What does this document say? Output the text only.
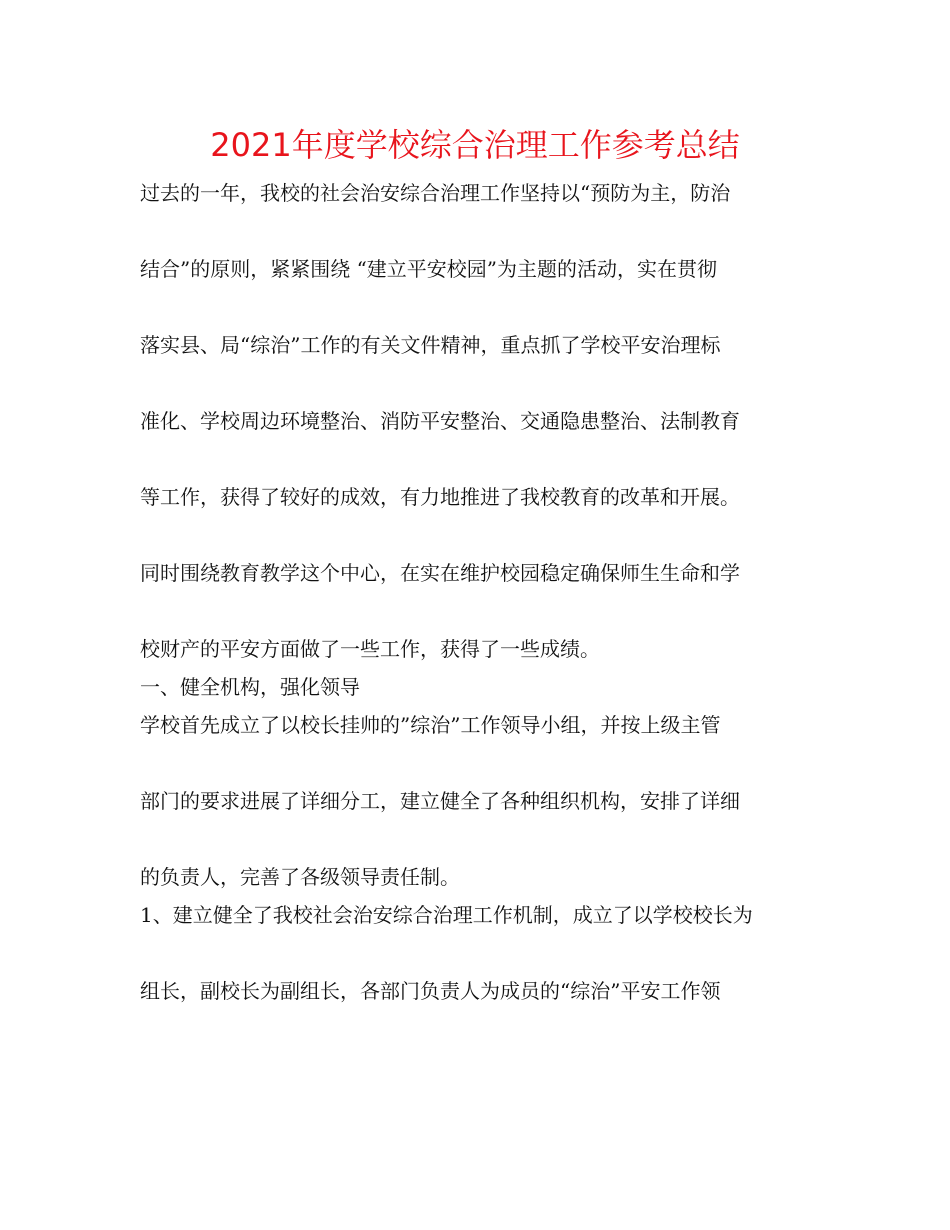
2021年度学校综合治理工作参考总结
过去的一年，我校的社会治安综合治理工作坚持以“预防为主，防治
结合”的原则，紧紧围绕 “建立平安校园”为主题的活动，实在贯彻
落实县、局“综治”工作的有关文件精神，重点抓了学校平安治理标
准化、学校周边环境整治、消防平安整治、交通隐患整治、法制教育
等工作，获得了较好的成效，有力地推进了我校教育的改革和开展。
同时围绕教育教学这个中心，在实在维护校园稳定确保师生生命和学
校财产的平安方面做了一些工作，获得了一些成绩。
一、健全机构，强化领导
学校首先成立了以校长挂帅的”综治”工作领导小组，并按上级主管
部门的要求进展了详细分工，建立健全了各种组织机构，安排了详细
的负责人，完善了各级领导责任制。
1、建立健全了我校社会治安综合治理工作机制，成立了以学校校长为
组长，副校长为副组长，各部门负责人为成员的“综治”平安工作领
